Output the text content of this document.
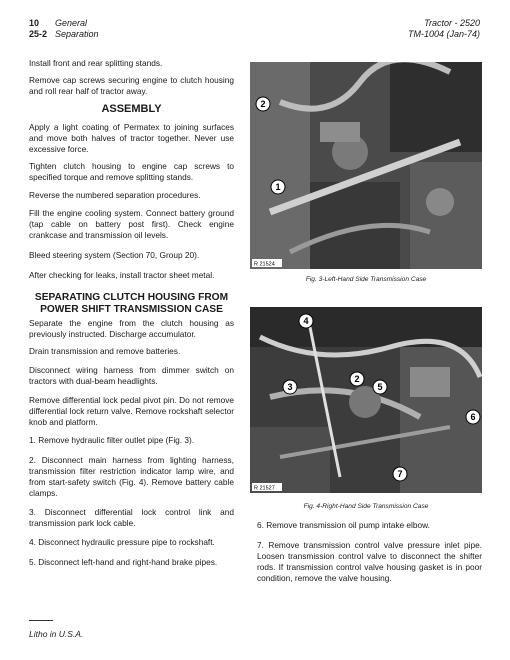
10 General
25-2 Separation
Tractor - 2520
TM-1004 (Jan-74)

Install front and rear splitting stands.

Remove cap screws securing engine to clutch housing and roll rear half of tractor away.

ASSEMBLY

Apply a light coating of Permatex to joining surfaces and move both halves of tractor together. Never use excessive force.

Tighten clutch housing to engine cap screws to specified torque and remove splitting stands.

Reverse the numbered separation procedures.

Fill the engine cooling system. Connect battery ground (tap cable on battery post first). Check engine crankcase and transmission oil levels.

Bleed steering system (Section 70, Group 20).

After checking for leaks, install tractor sheet metal.

SEPARATING CLUTCH HOUSING FROM
POWER SHIFT TRANSMISSION CASE

Separate the engine from the clutch housing as previously instructed. Discharge accumulator.

Drain transmission and remove batteries.

Disconnect wiring harness from dimmer switch on tractors with dual-beam headlights.

Remove differential lock pedal pivot pin. Do not remove differential lock return valve. Remove rockshaft selector knob and platform.

1. Remove hydraulic filter outlet pipe (Fig. 3).

2. Disconnect main harness from lighting harness, transmission filter restriction indicator lamp wire, and from start-safety switch (Fig. 4). Remove battery cable clamps.

3. Disconnect differential lock control link and transmission park lock cable.

4. Disconnect hydraulic pressure pipe to rockshaft.

5. Disconnect left-hand and right-hand brake pipes.

2
1
R 21524
Fig. 3-Left-Hand Side Transmission Case
4
3
2
5
6
7
R 21527
Fig. 4-Right-Hand Side Transmission Case

6. Remove transmission oil pump intake elbow.

7. Remove transmission control valve pressure inlet pipe. Loosen transmission control valve to disconnect the shifter rods. If transmission control valve housing gasket is in poor condition, remove the valve housing.

Litho in U.S.A.
